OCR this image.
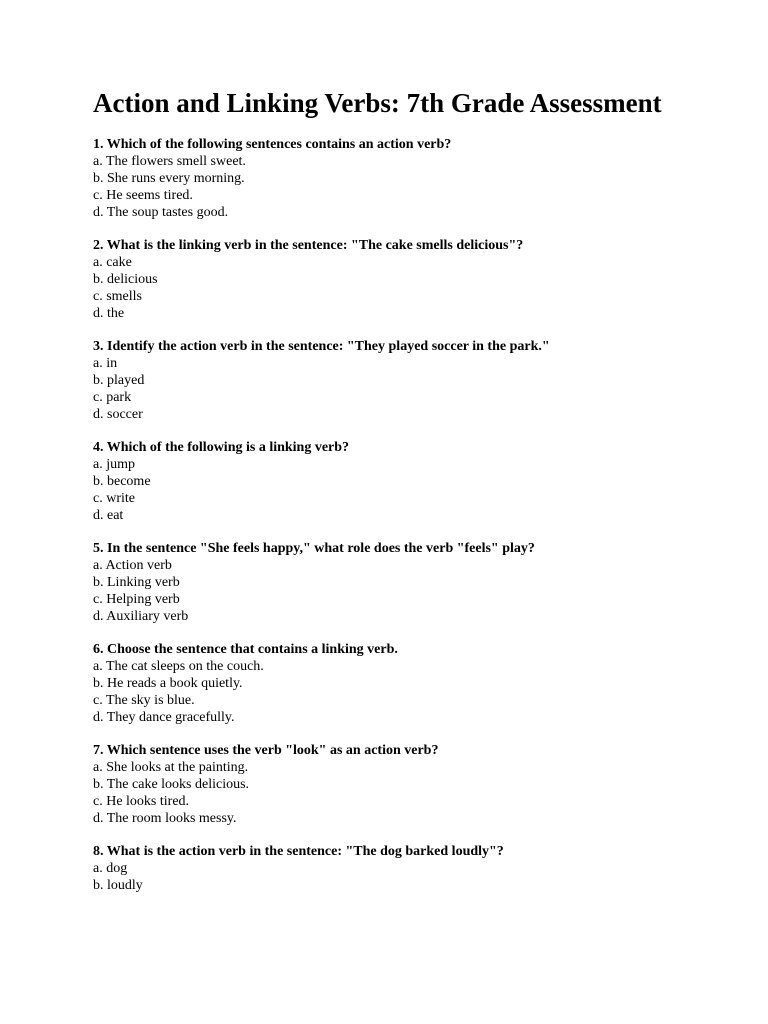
Action and Linking Verbs: 7th Grade Assessment

1. Which of the following sentences contains an action verb?

a. The flowers smell sweet.

b. She runs every morning.

c. He seems tired.

d. The soup tastes good.

2. What is the linking verb in the sentence: "The cake smells delicious"?

a. cake

b. delicious

c. smells

d. the

3. Identify the action verb in the sentence: "They played soccer in the park."

a. in

b. played

c. park

d. soccer

4. Which of the following is a linking verb?

a. jump

b. become

c. write

d. eat

5. In the sentence "She feels happy," what role does the verb "feels" play?

a. Action verb

b. Linking verb

c. Helping verb

d. Auxiliary verb

6. Choose the sentence that contains a linking verb.

a. The cat sleeps on the couch.

b. He reads a book quietly.

c. The sky is blue.

d. They dance gracefully.

7. Which sentence uses the verb "look" as an action verb?

a. She looks at the painting.

b. The cake looks delicious.

c. He looks tired.

d. The room looks messy.

8. What is the action verb in the sentence: "The dog barked loudly"?

a. dog

b. loudly
